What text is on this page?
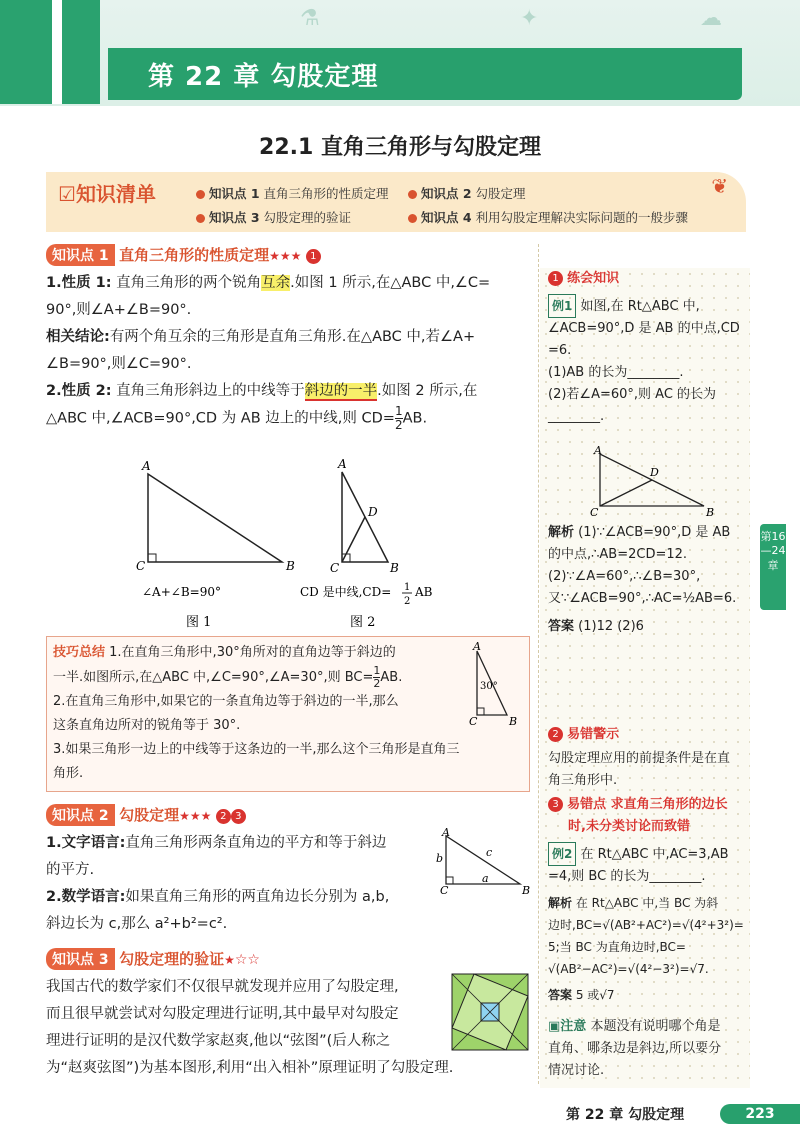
⚗	✦	☁
第 22 章 勾股定理
22.1 直角三角形与勾股定理
☑知识清单	知识点 1 直角三角形的性质定理	知识点 2 勾股定理
知识点 3 勾股定理的验证	知识点 4 利用勾股定理解决实际问题的一般步骤
❦
知识点 1 直角三角形的性质定理★★★ 1

1.性质 1: 直角三角形的两个锐角互余.如图 1 所示,在△ABC 中,∠C=

90°,则∠A+∠B=90°.

相关结论:有两个角互余的三角形是直角三角形.在△ABC 中,若∠A+

∠B=90°,则∠C=90°.

2.性质 2: 直角三角形斜边上的中线等于斜边的一半.如图 2 所示,在

△ABC 中,∠ACB=90°,CD 为 AB 边上的中线,则 $CD= \frac{1}{2}$ AB.

A
C	B
A
D
C	B
∠A+∠B=90°
图 1
CD 是中线,CD= 1
2
AB
图 2
技巧总结 1.在直角三角形中,30°角所对的直角边等于斜边的
一半.如图所示,在△ABC 中,∠C=90°,∠A=30°,则 $BC= \frac{1}{2}$ AB.
2.在直角三角形中,如果它的一条直角边等于斜边的一半,那么
这条直角边所对的锐角等于 30°.
3.如果三角形一边上的中线等于这条边的一半,那么这个三角形是直角三
角形.
A
C	B
30°
知识点 2 勾股定理★★★ 2 3

1.文字语言:直角三角形两条直角边的平方和等于斜边

的平方.

2.数学语言:如果直角三角形的两直角边长分别为 a,b,

斜边长为 c,那么 a²+b²=c².

A
C	B
b
a
c
知识点 3 勾股定理的验证★☆☆

我国古代的数学家们不仅很早就发现并应用了勾股定理,

而且很早就尝试对勾股定理进行证明,其中最早对勾股定

理进行证明的是汉代数学家赵爽,他以“弦图”(后人称之

为“赵爽弦图”)为基本图形,利用“出入相补”原理证明了勾股定理.

1 练会知识
例1 如图,在 Rt△ABC 中,
∠ACB=90°,D 是 AB 的中点,CD
=6.
(1)AB 的长为________.
(2)若∠A=60°,则 AC 的长为
________.
A
D
C	B
解析 (1)∵∠ACB=90°,D 是 AB
的中点,∴AB=2CD=12.
(2)∵∠A=60°,∴∠B=30°,
又∵∠ACB=90°,∴AC=½AB=6.
答案 (1)12 (2)6
2 易错警示
勾股定理应用的前提条件是在直
角三角形中.
3 易错点 求直角三角形的边长
时,未分类讨论而致错
例2 在 Rt△ABC 中,AC=3,AB
=4,则 BC 的长为________.
解析 在 Rt△ABC 中,当 BC 为斜
边时,BC=√(AB²+AC²)=√(4²+3²)=
5;当 BC 为直角边时,BC=
√(AB²−AC²)=√(4²−3²)=√7.
答案 5 或√7
▣注意 本题没有说明哪个角是
直角、哪条边是斜边,所以要分
情况讨论.
第16—24章
第 22 章 勾股定理	223
